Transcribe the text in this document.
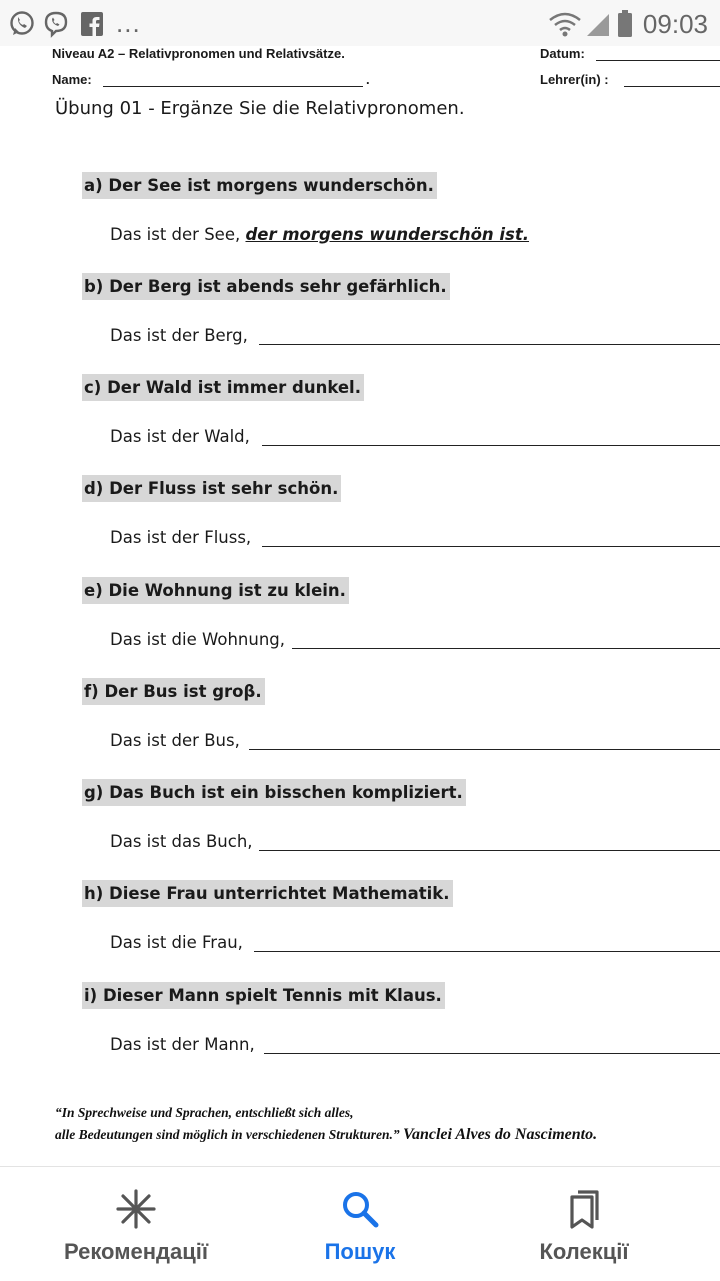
...	09:03
Niveau A2 – Relativpronomen und Relativsätze.	Datum:
Name:	.	Lehrer(in) :
Übung 01 - Ergänze Sie die Relativpronomen.
a) Der See ist morgens wunderschön.
Das ist der See, der morgens wunderschön ist.
b) Der Berg ist abends sehr gefärhlich.
Das ist der Berg,
c) Der Wald ist immer dunkel.
Das ist der Wald,
d) Der Fluss ist sehr schön.
Das ist der Fluss,
e) Die Wohnung ist zu klein.
Das ist die Wohnung,
f) Der Bus ist groβ.
Das ist der Bus,
g) Das Buch ist ein bisschen kompliziert.
Das ist das Buch,
h) Diese Frau unterrichtet Mathematik.
Das ist die Frau,
i) Dieser Mann spielt Tennis mit Klaus.
Das ist der Mann,
“In Sprechweise und Sprachen, entschließt sich alles,
alle Bedeutungen sind möglich in verschiedenen Strukturen.” Vanclei Alves do Nascimento.
Рекомендації	Пошук	Колекції
